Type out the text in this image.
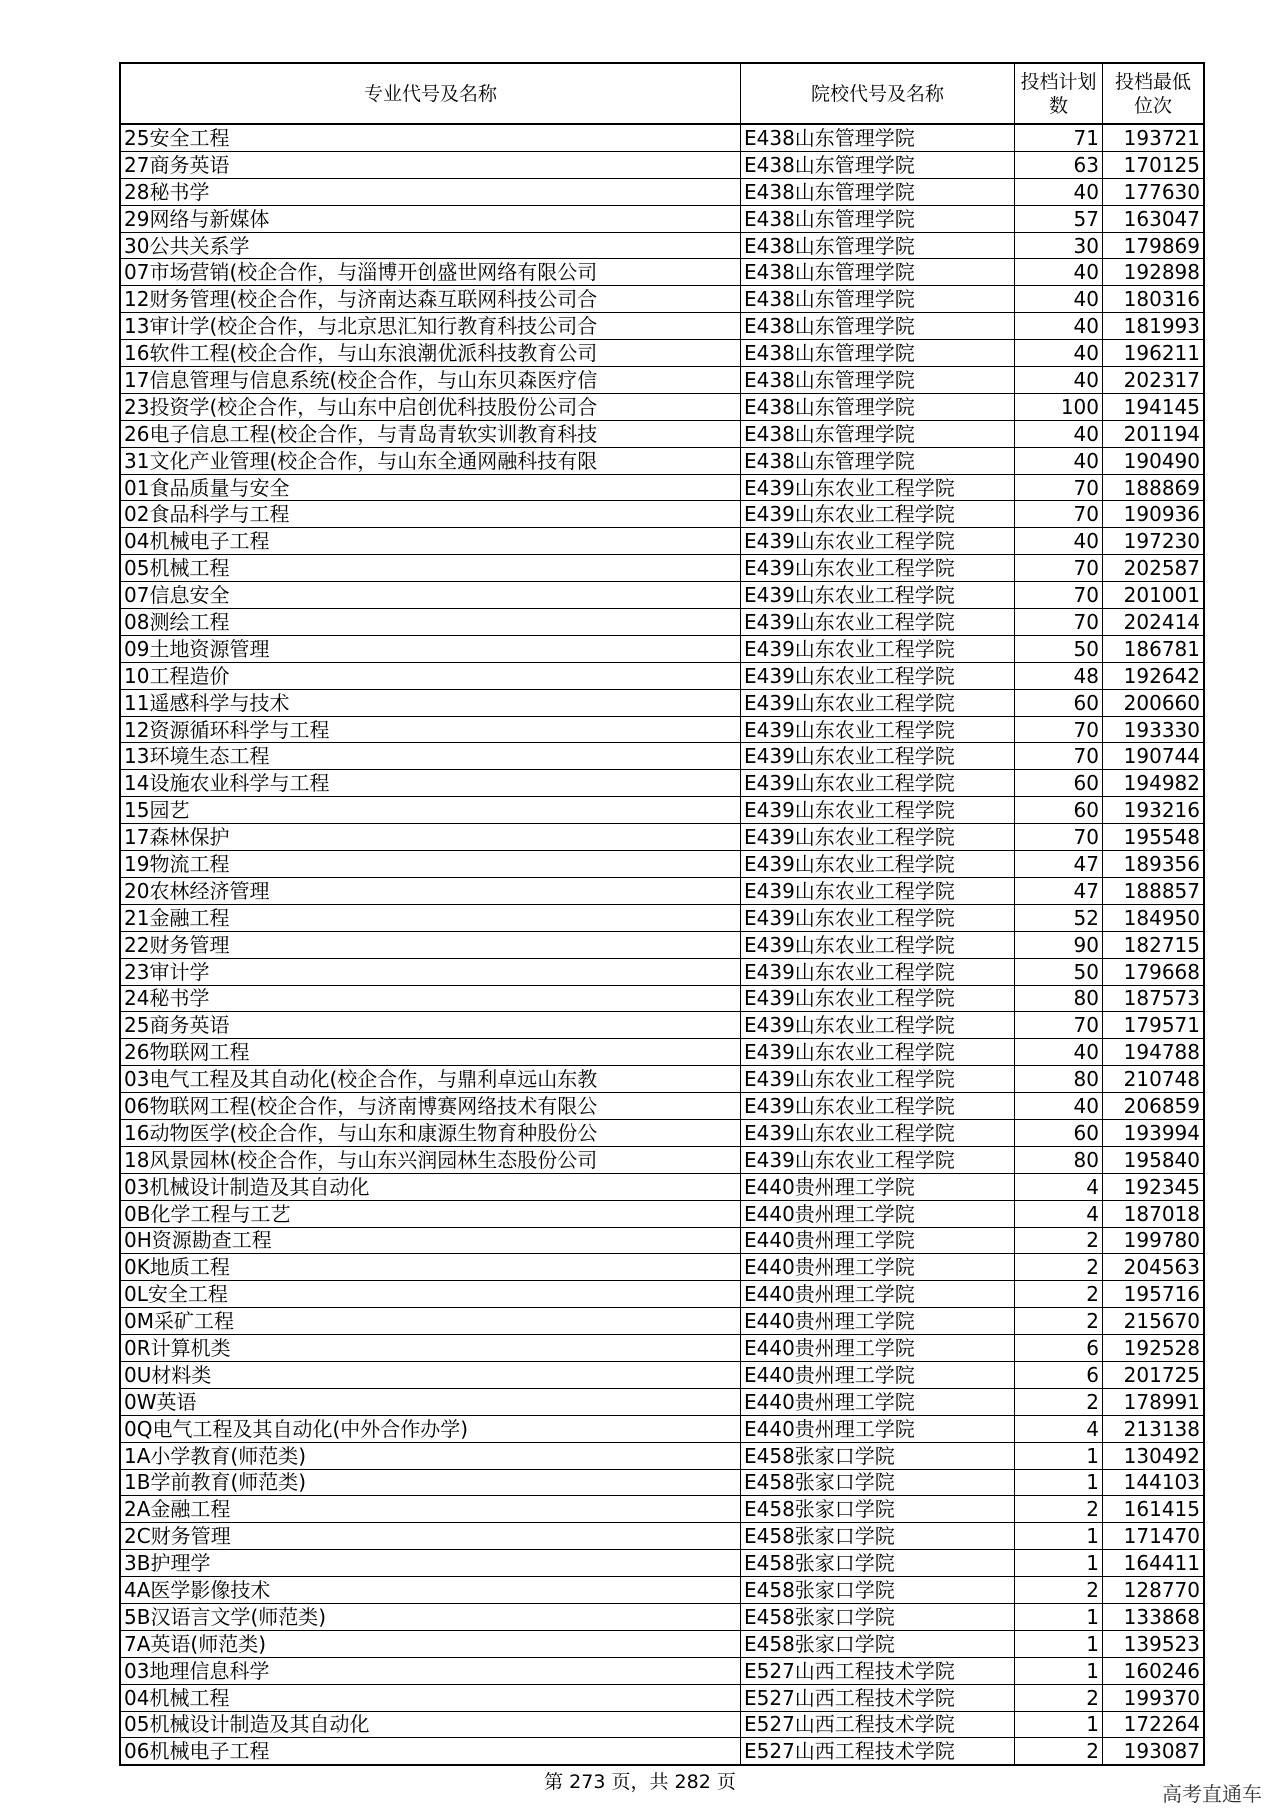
专业代号及名称	院校代号及名称	投档计划数	投档最低位次
25安全工程	E438山东管理学院	71	193721
27商务英语	E438山东管理学院	63	170125
28秘书学	E438山东管理学院	40	177630
29网络与新媒体	E438山东管理学院	57	163047
30公共关系学	E438山东管理学院	30	179869
07市场营销(校企合作，与淄博开创盛世网络有限公司	E438山东管理学院	40	192898
12财务管理(校企合作，与济南达森互联网科技公司合	E438山东管理学院	40	180316
13审计学(校企合作，与北京思汇知行教育科技公司合	E438山东管理学院	40	181993
16软件工程(校企合作，与山东浪潮优派科技教育公司	E438山东管理学院	40	196211
17信息管理与信息系统(校企合作，与山东贝森医疗信	E438山东管理学院	40	202317
23投资学(校企合作，与山东中启创优科技股份公司合	E438山东管理学院	100	194145
26电子信息工程(校企合作，与青岛青软实训教育科技	E438山东管理学院	40	201194
31文化产业管理(校企合作，与山东全通网融科技有限	E438山东管理学院	40	190490
01食品质量与安全	E439山东农业工程学院	70	188869
02食品科学与工程	E439山东农业工程学院	70	190936
04机械电子工程	E439山东农业工程学院	40	197230
05机械工程	E439山东农业工程学院	70	202587
07信息安全	E439山东农业工程学院	70	201001
08测绘工程	E439山东农业工程学院	70	202414
09土地资源管理	E439山东农业工程学院	50	186781
10工程造价	E439山东农业工程学院	48	192642
11遥感科学与技术	E439山东农业工程学院	60	200660
12资源循环科学与工程	E439山东农业工程学院	70	193330
13环境生态工程	E439山东农业工程学院	70	190744
14设施农业科学与工程	E439山东农业工程学院	60	194982
15园艺	E439山东农业工程学院	60	193216
17森林保护	E439山东农业工程学院	70	195548
19物流工程	E439山东农业工程学院	47	189356
20农林经济管理	E439山东农业工程学院	47	188857
21金融工程	E439山东农业工程学院	52	184950
22财务管理	E439山东农业工程学院	90	182715
23审计学	E439山东农业工程学院	50	179668
24秘书学	E439山东农业工程学院	80	187573
25商务英语	E439山东农业工程学院	70	179571
26物联网工程	E439山东农业工程学院	40	194788
03电气工程及其自动化(校企合作，与鼎利卓远山东教	E439山东农业工程学院	80	210748
06物联网工程(校企合作，与济南博赛网络技术有限公	E439山东农业工程学院	40	206859
16动物医学(校企合作，与山东和康源生物育种股份公	E439山东农业工程学院	60	193994
18风景园林(校企合作，与山东兴润园林生态股份公司	E439山东农业工程学院	80	195840
03机械设计制造及其自动化	E440贵州理工学院	4	192345
0B化学工程与工艺	E440贵州理工学院	4	187018
0H资源勘查工程	E440贵州理工学院	2	199780
0K地质工程	E440贵州理工学院	2	204563
0L安全工程	E440贵州理工学院	2	195716
0M采矿工程	E440贵州理工学院	2	215670
0R计算机类	E440贵州理工学院	6	192528
0U材料类	E440贵州理工学院	6	201725
0W英语	E440贵州理工学院	2	178991
0Q电气工程及其自动化(中外合作办学)	E440贵州理工学院	4	213138
1A小学教育(师范类)	E458张家口学院	1	130492
1B学前教育(师范类)	E458张家口学院	1	144103
2A金融工程	E458张家口学院	2	161415
2C财务管理	E458张家口学院	1	171470
3B护理学	E458张家口学院	1	164411
4A医学影像技术	E458张家口学院	2	128770
5B汉语言文学(师范类)	E458张家口学院	1	133868
7A英语(师范类)	E458张家口学院	1	139523
03地理信息科学	E527山西工程技术学院	1	160246
04机械工程	E527山西工程技术学院	2	199370
05机械设计制造及其自动化	E527山西工程技术学院	1	172264
06机械电子工程	E527山西工程技术学院	2	193087
第 273 页，共 282 页	高考直通车
